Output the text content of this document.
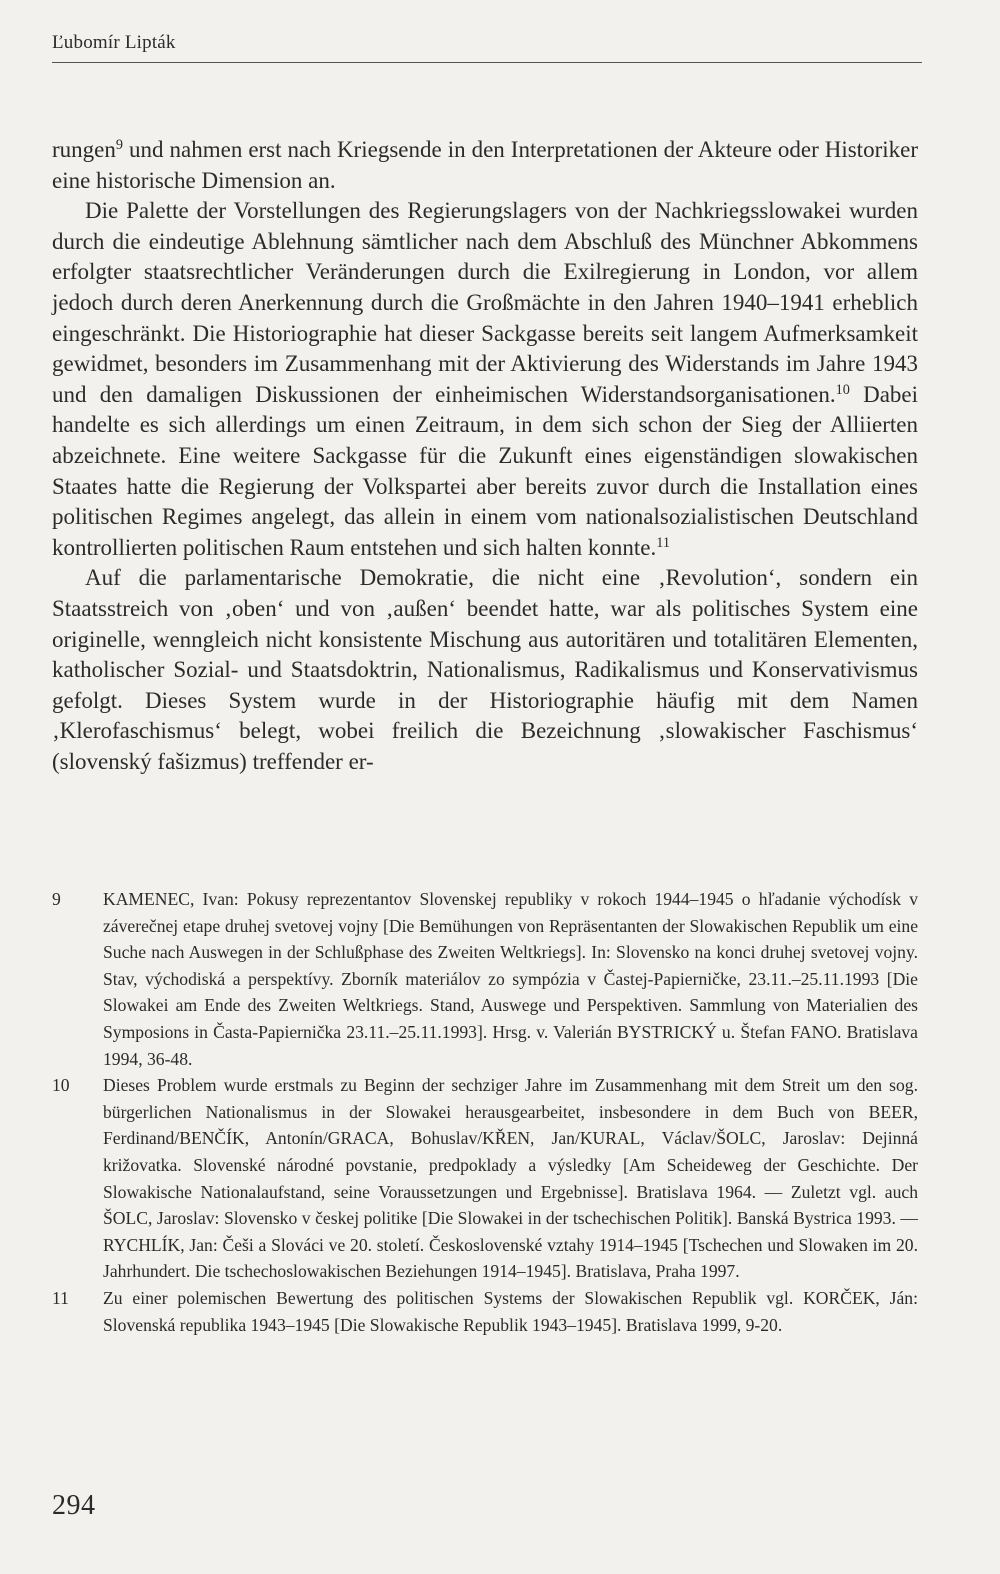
Ľubomír Lipták

rungen$^9$ und nahmen erst nach Kriegsende in den Interpretationen der Akteure oder Historiker eine historische Dimension an.

Die Palette der Vorstellungen des Regierungslagers von der Nachkriegsslowakei wurden durch die eindeutige Ablehnung sämtlicher nach dem Abschluß des Münchner Abkommens erfolgter staatsrechtlicher Veränderungen durch die Exilregierung in London, vor allem jedoch durch deren Anerkennung durch die Großmächte in den Jahren 1940–1941 erheblich eingeschränkt. Die Historiographie hat dieser Sackgasse bereits seit langem Aufmerksamkeit gewidmet, besonders im Zusammenhang mit der Aktivierung des Widerstands im Jahre 1943 und den damaligen Diskussionen der einheimischen Widerstandsorganisationen.$^{10}$ Dabei handelte es sich allerdings um einen Zeitraum, in dem sich schon der Sieg der Alliierten abzeichnete. Eine weitere Sackgasse für die Zukunft eines eigenständigen slowakischen Staates hatte die Regierung der Volkspartei aber bereits zuvor durch die Installation eines politischen Regimes angelegt, das allein in einem vom nationalsozialistischen Deutschland kontrollierten politischen Raum entstehen und sich halten konnte.$^{11}$

Auf die parlamentarische Demokratie, die nicht eine ‚Revolution‘, sondern ein Staatsstreich von ‚oben‘ und von ‚außen‘ beendet hatte, war als politisches System eine originelle, wenngleich nicht konsistente Mischung aus autoritären und totalitären Elementen, katholischer Sozial- und Staatsdoktrin, Nationalismus, Radikalismus und Konservativismus gefolgt. Dieses System wurde in der Historiographie häufig mit dem Namen ‚Klerofaschismus‘ belegt, wobei freilich die Bezeichnung ‚slowakischer Faschismus‘ (slovenský fašizmus) treffender er-

9	KAMENEC, Ivan: Pokusy reprezentantov Slovenskej republiky v rokoch 1944–1945 o hľadanie východísk v záverečnej etape druhej svetovej vojny [Die Bemühungen von Repräsentanten der Slowakischen Republik um eine Suche nach Auswegen in der Schlußphase des Zweiten Weltkriegs]. In: Slovensko na konci druhej svetovej vojny. Stav, východiská a perspektívy. Zborník materiálov zo sympózia v Častej-Papierničke, 23.11.–25.11.1993 [Die Slowakei am Ende des Zweiten Weltkriegs. Stand, Auswege und Perspektiven. Sammlung von Materialien des Symposions in Časta-Papiernička 23.11.–25.11.1993]. Hrsg. v. Valerián BYSTRICKÝ u. Štefan FANO. Bratislava 1994, 36-48.
10	Dieses Problem wurde erstmals zu Beginn der sechziger Jahre im Zusammenhang mit dem Streit um den sog. bürgerlichen Nationalismus in der Slowakei herausgearbeitet, insbesondere in dem Buch von BEER, Ferdinand/BENČÍK, Antonín/GRACA, Bohuslav/KŘEN, Jan/KURAL, Václav/ŠOLC, Jaroslav: Dejinná križovatka. Slovenské národné povstanie, predpoklady a výsledky [Am Scheideweg der Geschichte. Der Slowakische Nationalaufstand, seine Voraussetzungen und Ergebnisse]. Bratislava 1964. — Zuletzt vgl. auch ŠOLC, Jaroslav: Slovensko v českej politike [Die Slowakei in der tschechischen Politik]. Banská Bystrica 1993. — RYCHLÍK, Jan: Češi a Slováci ve 20. století. Československé vztahy 1914–1945 [Tschechen und Slowaken im 20. Jahrhundert. Die tschechoslowakischen Beziehungen 1914–1945]. Bratislava, Praha 1997.
11	Zu einer polemischen Bewertung des politischen Systems der Slowakischen Republik vgl. KORČEK, Ján: Slovenská republika 1943–1945 [Die Slowakische Republik 1943–1945]. Bratislava 1999, 9-20.
294
